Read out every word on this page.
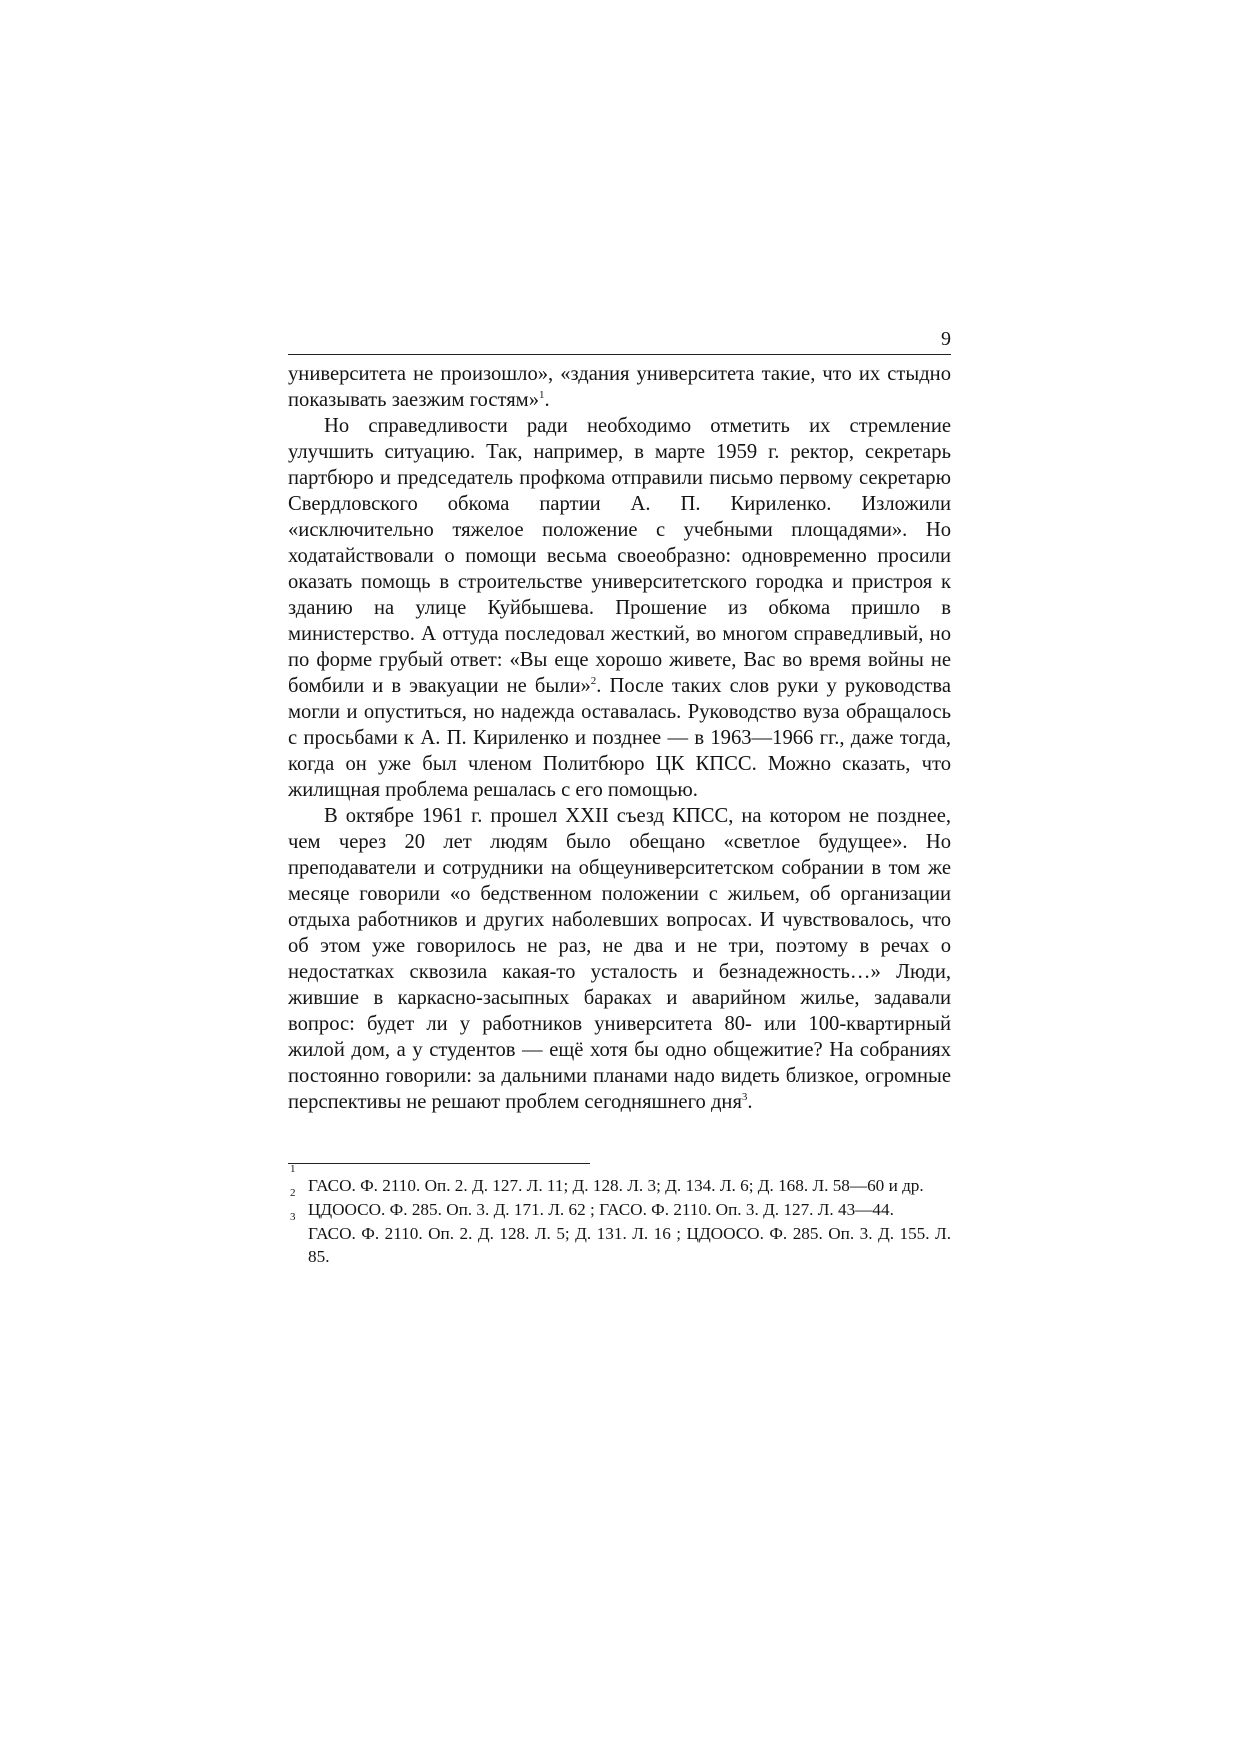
9

университета не произошло», «здания университета такие, что их стыдно показывать заезжим гостям»$^1$.

Но справедливости ради необходимо отметить их стремление улучшить ситуацию. Так, например, в марте 1959 г. ректор, секретарь партбюро и председатель профкома отправили письмо первому секретарю Свердловского обкома партии А. П. Кириленко. Изложили «исключительно тяжелое положение с учебными площадями». Но ходатайствовали о помощи весьма своеобразно: одновременно просили оказать помощь в строительстве университетского городка и пристроя к зданию на улице Куйбышева. Прошение из обкома пришло в министерство. А оттуда последовал жесткий, во многом справедливый, но по форме грубый ответ: «Вы еще хорошо живете, Вас во время войны не бомбили и в эвакуации не были»$^2$. После таких слов руки у руководства могли и опуститься, но надежда оставалась. Руководство вуза обращалось с просьбами к А. П. Кириленко и позднее — в 1963—1966 гг., даже тогда, когда он уже был членом Политбюро ЦК КПСС. Можно сказать, что жилищная проблема решалась с его помощью.

В октябре 1961 г. прошел XXII съезд КПСС, на котором не позднее, чем через 20 лет людям было обещано «светлое будущее». Но преподаватели и сотрудники на общеуниверситетском собрании в том же месяце говорили «о бедственном положении с жильем, об организации отдыха работников и других наболевших вопросах. И чувствовалось, что об этом уже говорилось не раз, не два и не три, поэтому в речах о недостатках сквозила какая-то усталость и безнадежность…» Люди, жившие в каркасно-засыпных бараках и аварийном жилье, задавали вопрос: будет ли у работников университета 80- или 100-квартирный жилой дом, а у студентов — ещё хотя бы одно общежитие? На собраниях постоянно говорили: за дальними планами надо видеть близкое, огромные перспективы не решают проблем сегодняшнего дня$^3$.

1
ГАСО. Ф. 2110. Оп. 2. Д. 127. Л. 11; Д. 128. Л. 3; Д. 134. Л. 6; Д. 168. Л. 58—60 и др.

2
ЦДООСО. Ф. 285. Оп. 3. Д. 171. Л. 62 ; ГАСО. Ф. 2110. Оп. 3. Д. 127. Л. 43—44.

3
ГАСО. Ф. 2110. Оп. 2. Д. 128. Л. 5; Д. 131. Л. 16 ; ЦДООСО. Ф. 285. Оп. 3. Д. 155. Л. 85.
